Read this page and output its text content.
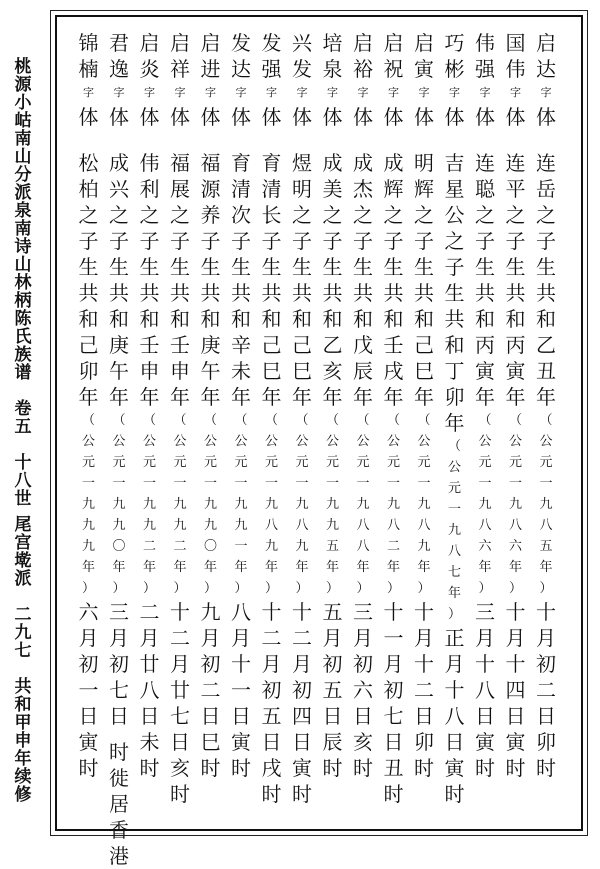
桃
源
小
岵
南
山
分
派
泉
南
诗
山
林
柄
陈
氏
族
谱
卷
五
十
八
世
尾
宫
墘
派
二
九
七
共
和
甲
申
年
续
修
启
达
字
体
连
岳
之
子
生
共
和
乙
丑
年
（
公
元
一
九
八
五
年
）
十
月
初
二
日
卯
时
国
伟
字
体
连
平
之
子
生
共
和
丙
寅
年
（
公
元
一
九
八
六
年
）
十
月
十
四
日
寅
时
伟
强
字
体
连
聪
之
子
生
共
和
丙
寅
年
（
公
元
一
九
八
六
年
）
三
月
十
八
日
寅
时
巧
彬
字
体
吉
星
公
之
子
生
共
和
丁
卯
年
（
公
元
一
九
八
七
年
）
正
月
十
八
日
寅
时
启
寅
字
体
明
辉
之
子
生
共
和
己
巳
年
（
公
元
一
九
八
九
年
）
十
月
十
二
日
卯
时
启
祝
字
体
成
辉
之
子
生
共
和
壬
戌
年
（
公
元
一
九
八
二
年
）
十
一
月
初
七
日
丑
时
启
裕
字
体
成
杰
之
子
生
共
和
戊
辰
年
（
公
元
一
九
八
八
年
）
三
月
初
六
日
亥
时
培
泉
字
体
成
美
之
子
生
共
和
乙
亥
年
（
公
元
一
九
九
五
年
）
五
月
初
五
日
辰
时
兴
发
字
体
煜
明
之
子
生
共
和
己
巳
年
（
公
元
一
九
八
九
年
）
十
二
月
初
四
日
寅
时
发
强
字
体
育
清
长
子
生
共
和
己
巳
年
（
公
元
一
九
八
九
年
）
十
二
月
初
五
日
戌
时
发
达
字
体
育
清
次
子
生
共
和
辛
未
年
（
公
元
一
九
九
一
年
）
八
月
十
一
日
寅
时
启
进
字
体
福
源
养
子
生
共
和
庚
午
年
（
公
元
一
九
九
〇
年
）
九
月
初
二
日
巳
时
启
祥
字
体
福
展
之
子
生
共
和
壬
申
年
（
公
元
一
九
九
二
年
）
十
二
月
廿
七
日
亥
时
启
炎
字
体
伟
利
之
子
生
共
和
壬
申
年
（
公
元
一
九
九
二
年
）
二
月
廿
八
日
未
时
君
逸
字
体
成
兴
之
子
生
共
和
庚
午
年
（
公
元
一
九
九
〇
年
）
三
月
初
七
日
时
徙
居
香
港
锦
楠
字
体
松
柏
之
子
生
共
和
己
卯
年
（
公
元
一
九
九
九
年
）
六
月
初
一
日
寅
时
